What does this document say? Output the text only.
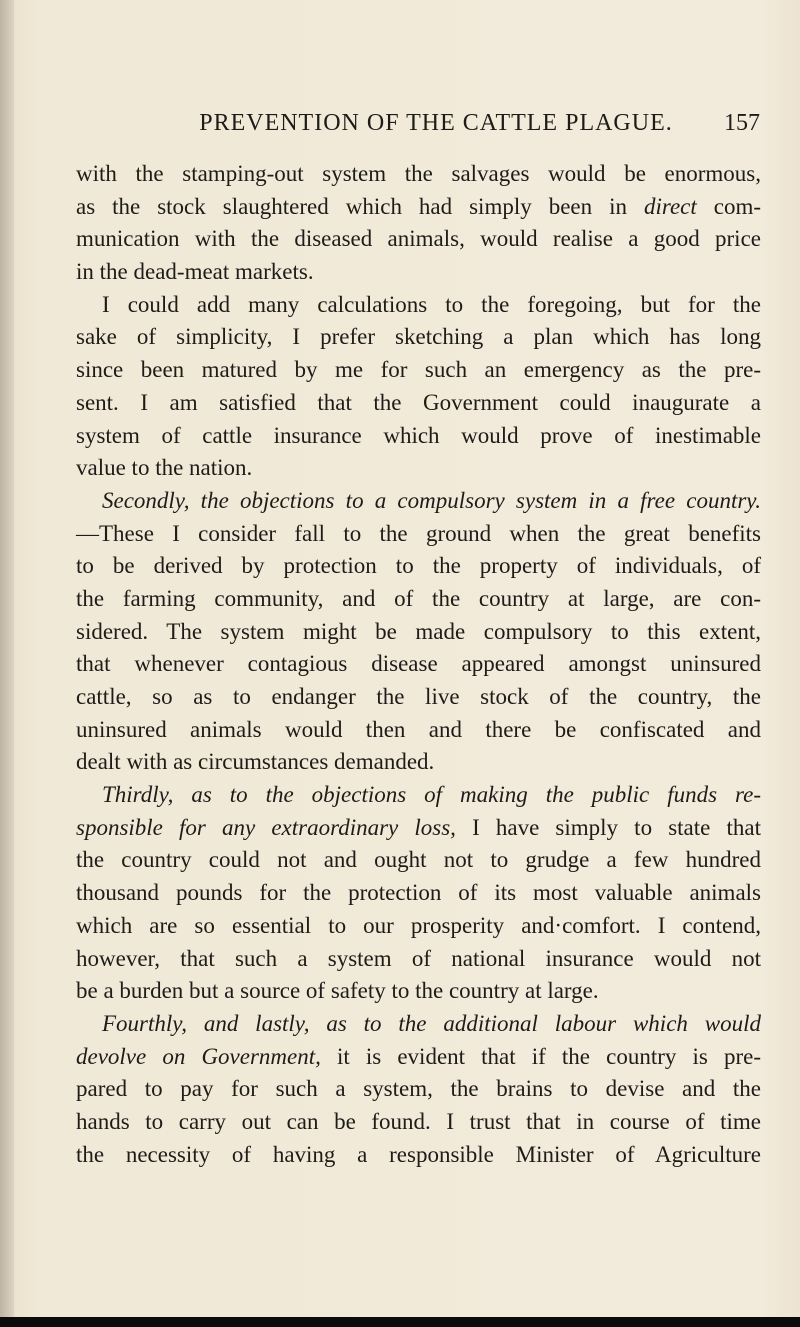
PREVENTION OF THE CATTLE PLAGUE.	157
with the stamping-out system the salvages would be enormous,
as the stock slaughtered which had simply been in direct com-
munication with the diseased animals, would realise a good price
in the dead-meat markets.
I could add many calculations to the foregoing, but for the
sake of simplicity, I prefer sketching a plan which has long
since been matured by me for such an emergency as the pre-
sent. I am satisfied that the Government could inaugurate a
system of cattle insurance which would prove of inestimable
value to the nation.
Secondly, the objections to a compulsory system in a free country.
—These I consider fall to the ground when the great benefits
to be derived by protection to the property of individuals, of
the farming community, and of the country at large, are con-
sidered. The system might be made compulsory to this extent,
that whenever contagious disease appeared amongst uninsured
cattle, so as to endanger the live stock of the country, the
uninsured animals would then and there be confiscated and
dealt with as circumstances demanded.
Thirdly, as to the objections of making the public funds re-
sponsible for any extraordinary loss, I have simply to state that
the country could not and ought not to grudge a few hundred
thousand pounds for the protection of its most valuable animals
which are so essential to our prosperity and·comfort. I contend,
however, that such a system of national insurance would not
be a burden but a source of safety to the country at large.
Fourthly, and lastly, as to the additional labour which would
devolve on Government, it is evident that if the country is pre-
pared to pay for such a system, the brains to devise and the
hands to carry out can be found. I trust that in course of time
the necessity of having a responsible Minister of Agriculture
